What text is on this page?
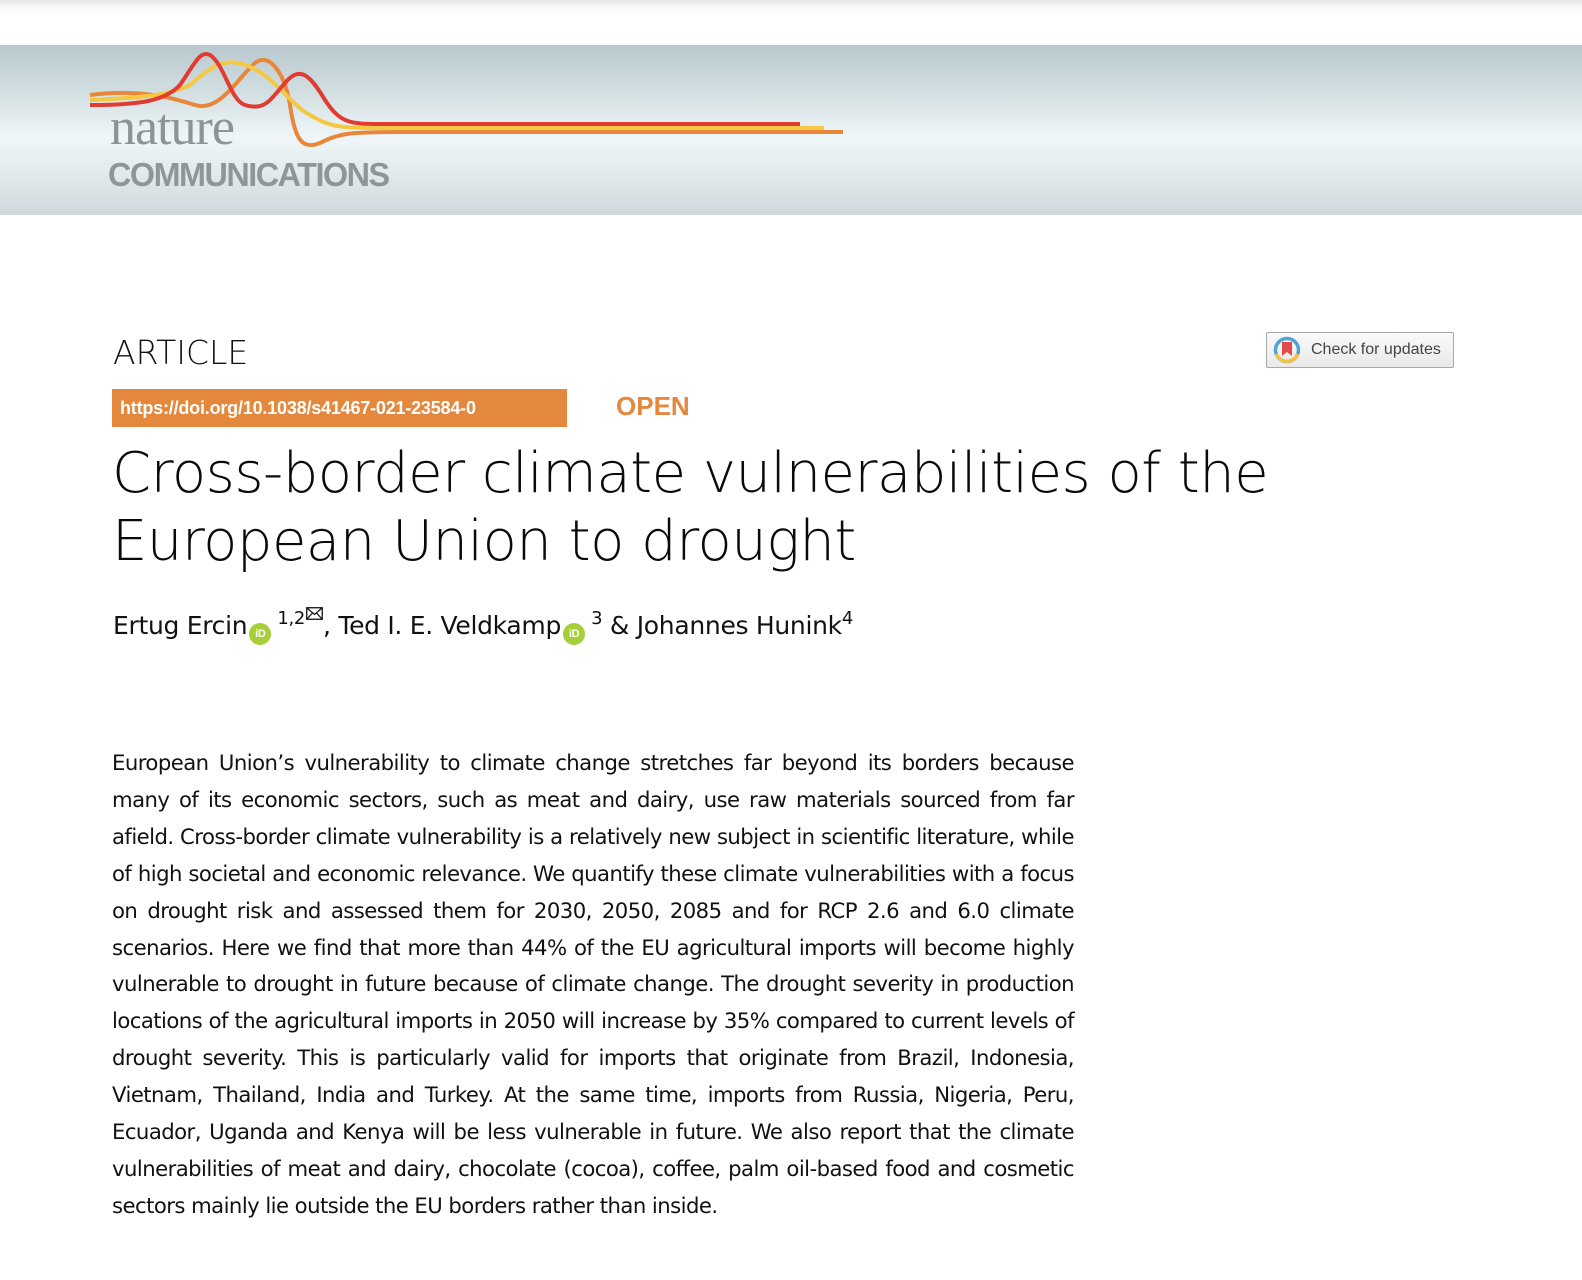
nature
COMMUNICATIONS
ARTICLE
https://doi.org/10.1038/s41467-021-23584-0	OPEN
Check for updates
Cross-border climate vulnerabilities of the
European Union to drought
Ertug Ercin iD$^{1,2}$ , Ted I. E. Veldkamp $iD^3$ & Johannes Hunink$^4$

European Union’s vulnerability to climate change stretches far beyond its borders because many of its economic sectors, such as meat and dairy, use raw materials sourced from far afield. Cross-border climate vulnerability is a relatively new subject in scientific literature, while of high societal and economic relevance. We quantify these climate vulnerabilities with a focus on drought risk and assessed them for 2030, 2050, 2085 and for RCP 2.6 and 6.0 climate scenarios. Here we find that more than 44% of the EU agricultural imports will become highly vulnerable to drought in future because of climate change. The drought severity in production locations of the agricultural imports in 2050 will increase by 35% compared to current levels of drought severity. This is particularly valid for imports that originate from Brazil, Indonesia, Vietnam, Thailand, India and Turkey. At the same time, imports from Russia, Nigeria, Peru, Ecuador, Uganda and Kenya will be less vulnerable in future. We also report that the climate vulnerabilities of meat and dairy, chocolate (cocoa), coffee, palm oil-based food and cosmetic sectors mainly lie outside the EU borders rather than inside.
